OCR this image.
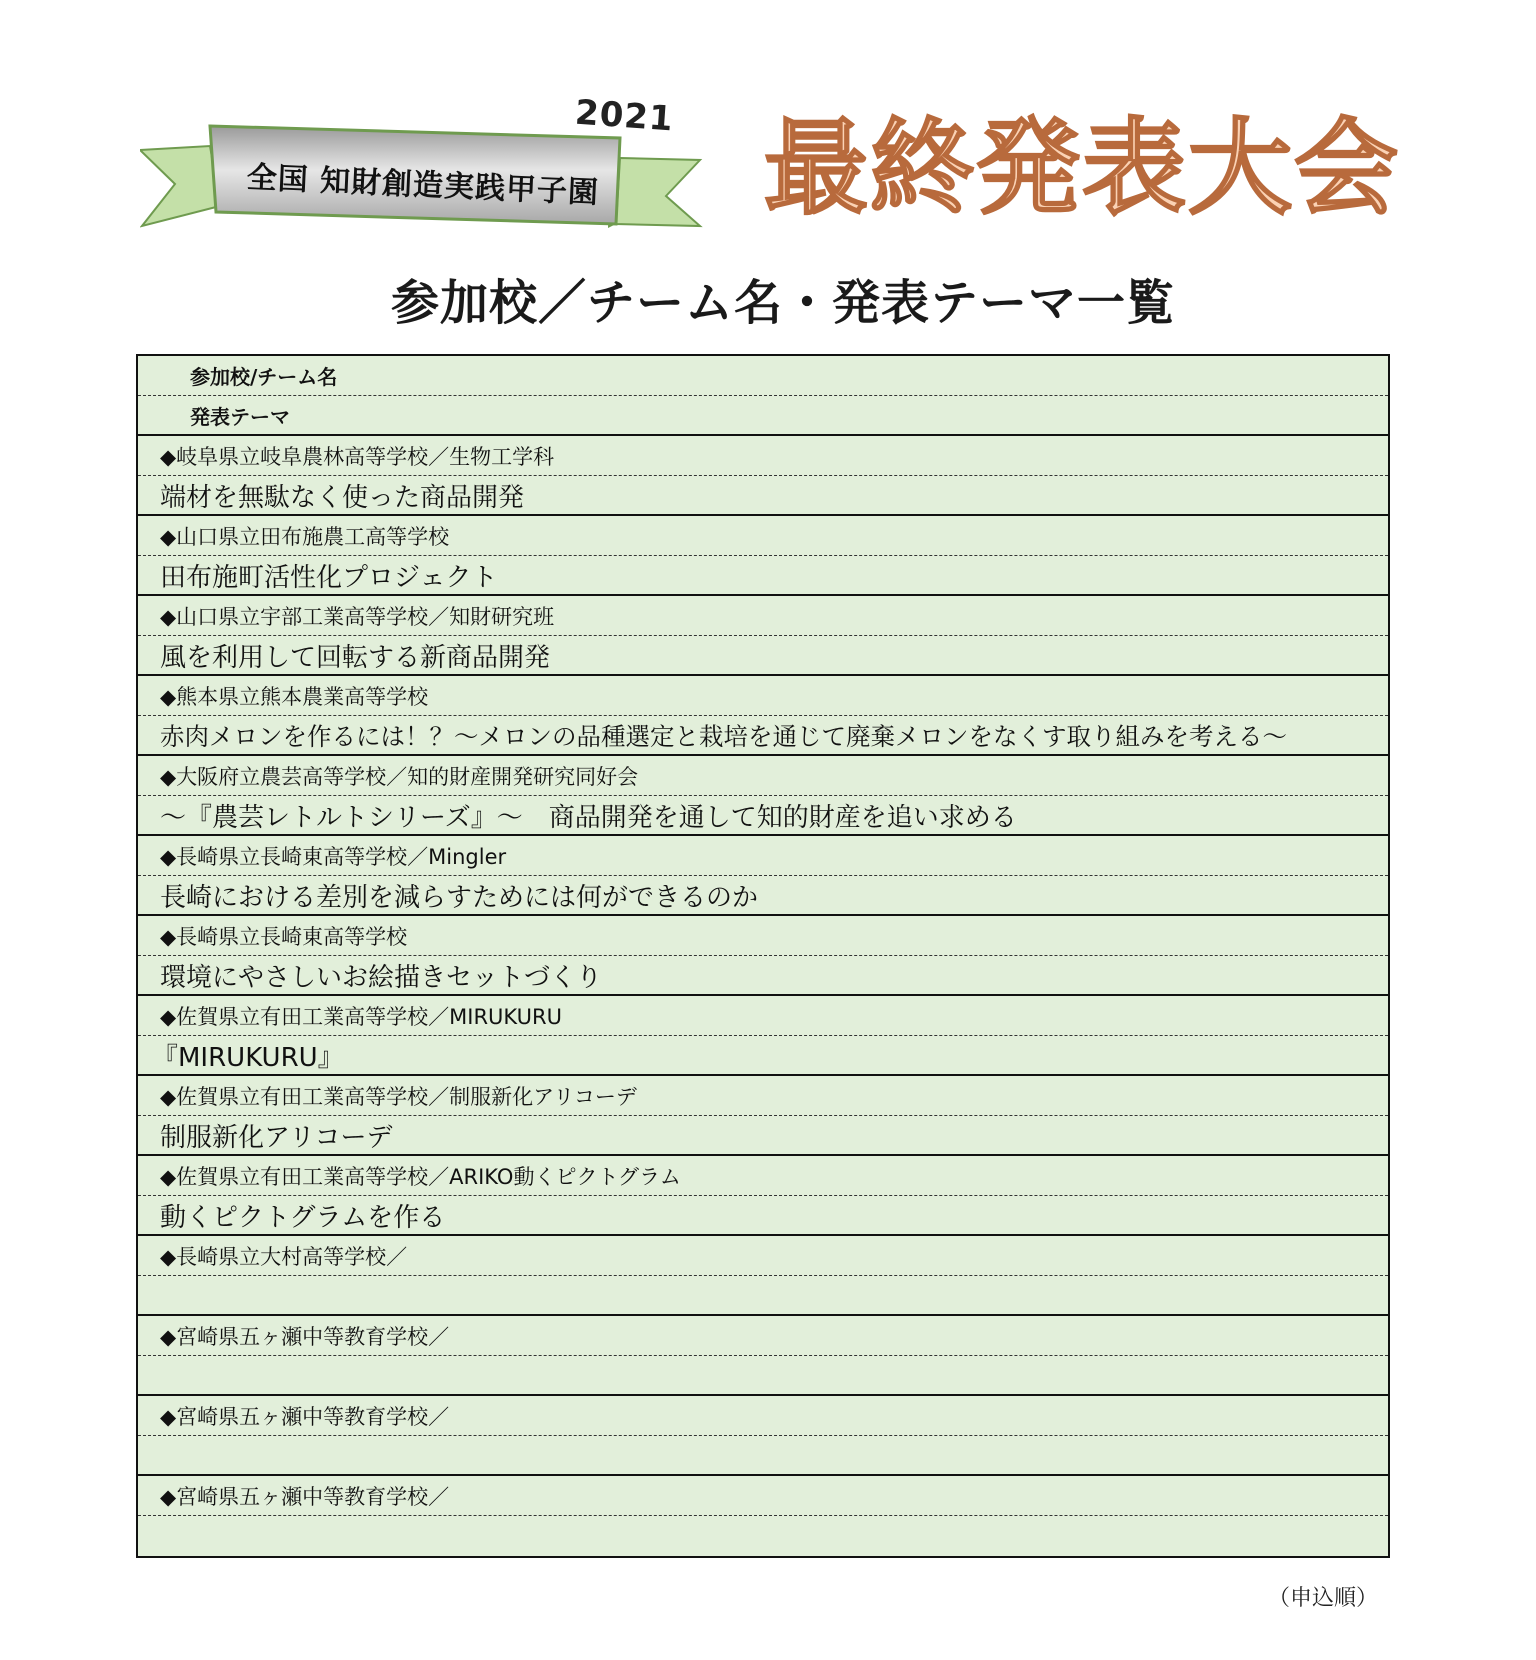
全国 知財創造実践甲子園
2021 最終発表大会
参加校／チーム名・発表テーマ一覧
参加校/チーム名
発表テーマ
◆岐阜県立岐阜農林高等学校／生物工学科
端材を無駄なく使った商品開発
◆山口県立田布施農工高等学校
田布施町活性化プロジェクト
◆山口県立宇部工業高等学校／知財研究班
風を利用して回転する新商品開発
◆熊本県立熊本農業高等学校
赤肉メロンを作るには！？～メロンの品種選定と栽培を通じて廃棄メロンをなくす取り組みを考える～
◆大阪府立農芸高等学校／知的財産開発研究同好会
～『農芸レトルトシリーズ』～　商品開発を通して知的財産を追い求める
◆長崎県立長崎東高等学校／Mingler
長崎における差別を減らすためには何ができるのか
◆長崎県立長崎東高等学校
環境にやさしいお絵描きセットづくり
◆佐賀県立有田工業高等学校／MIRUKURU
『MIRUKURU』
◆佐賀県立有田工業高等学校／制服新化アリコーデ
制服新化アリコーデ
◆佐賀県立有田工業高等学校／ARIKO動くピクトグラム
動くピクトグラムを作る
◆長崎県立大村高等学校／
◆宮崎県五ヶ瀬中等教育学校／
◆宮崎県五ヶ瀬中等教育学校／
◆宮崎県五ヶ瀬中等教育学校／
（申込順）
